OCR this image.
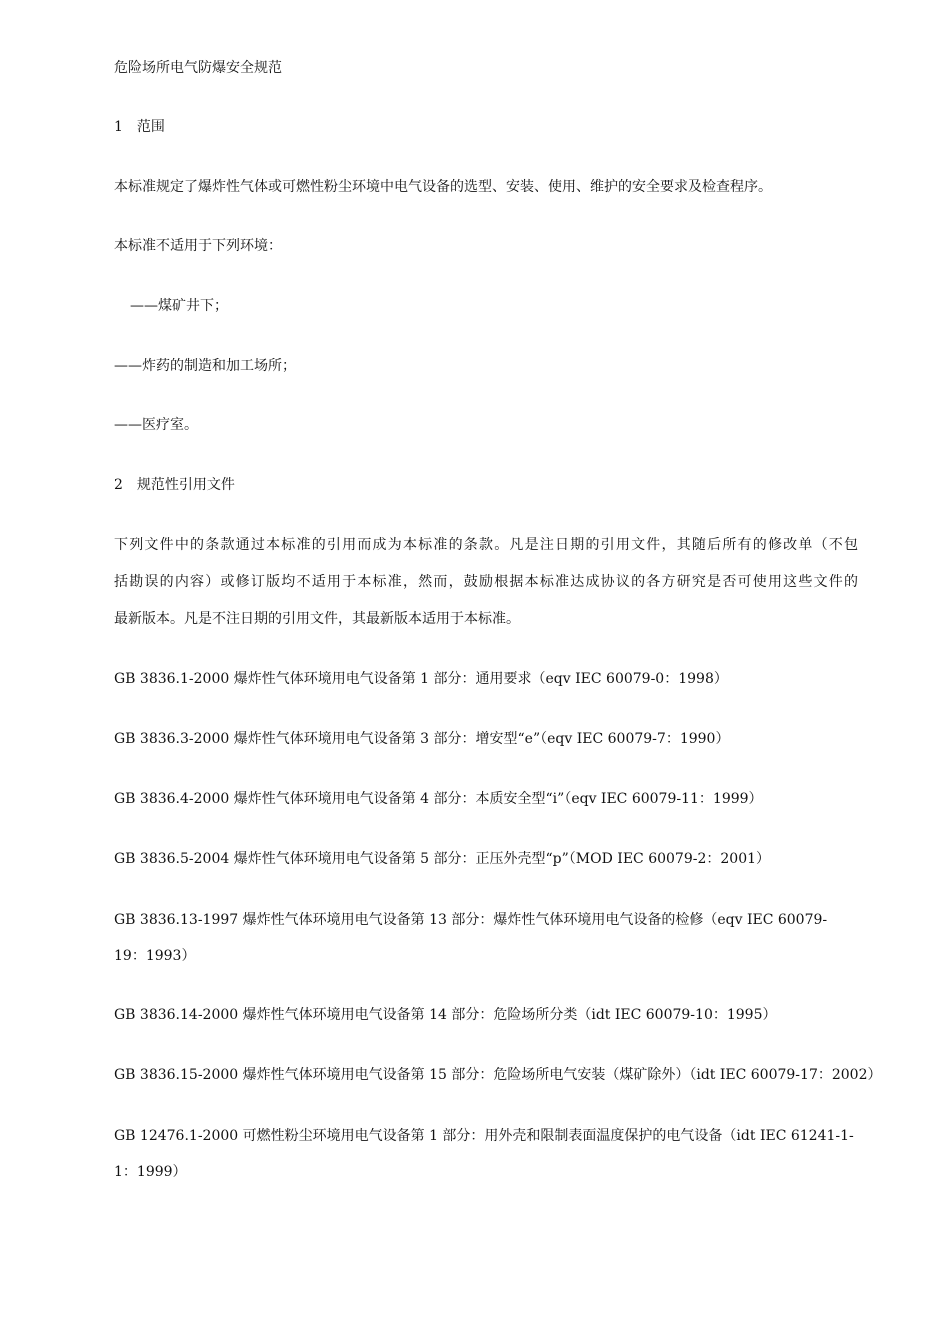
危险场所电气防爆安全规范
1　范围
本标准规定了爆炸性气体或可燃性粉尘环境中电气设备的选型、安装、使用、维护的安全要求及检查程序。
本标准不适用于下列环境：
——煤矿井下；
——炸药的制造和加工场所；
——医疗室。
2　规范性引用文件
下列文件中的条款通过本标准的引用而成为本标准的条款。凡是注日期的引用文件，其随后所有的修改单（不包
括勘误的内容）或修订版均不适用于本标准，然而，鼓励根据本标准达成协议的各方研究是否可使用这些文件的
最新版本。凡是不注日期的引用文件，其最新版本适用于本标准。
GB 3836.1-2000 爆炸性气体环境用电气设备第 1 部分：通用要求（eqv IEC 60079-0：1998）
GB 3836.3-2000 爆炸性气体环境用电气设备第 3 部分：增安型“e”（eqv IEC 60079-7：1990）
GB 3836.4-2000 爆炸性气体环境用电气设备第 4 部分：本质安全型“i”（eqv IEC 60079-11：1999）
GB 3836.5-2004 爆炸性气体环境用电气设备第 5 部分：正压外壳型“p”（MOD IEC 60079-2：2001）
GB 3836.13-1997 爆炸性气体环境用电气设备第 13 部分：爆炸性气体环境用电气设备的检修（eqv IEC 60079-19：1993）
GB 3836.14-2000 爆炸性气体环境用电气设备第 14 部分：危险场所分类（idt IEC 60079-10：1995）
GB 3836.15-2000 爆炸性气体环境用电气设备第 15 部分：危险场所电气安装（煤矿除外）（idt IEC 60079-17：2002）
GB 12476.1-2000 可燃性粉尘环境用电气设备第 1 部分：用外壳和限制表面温度保护的电气设备（idt IEC 61241-1-1：1999）
